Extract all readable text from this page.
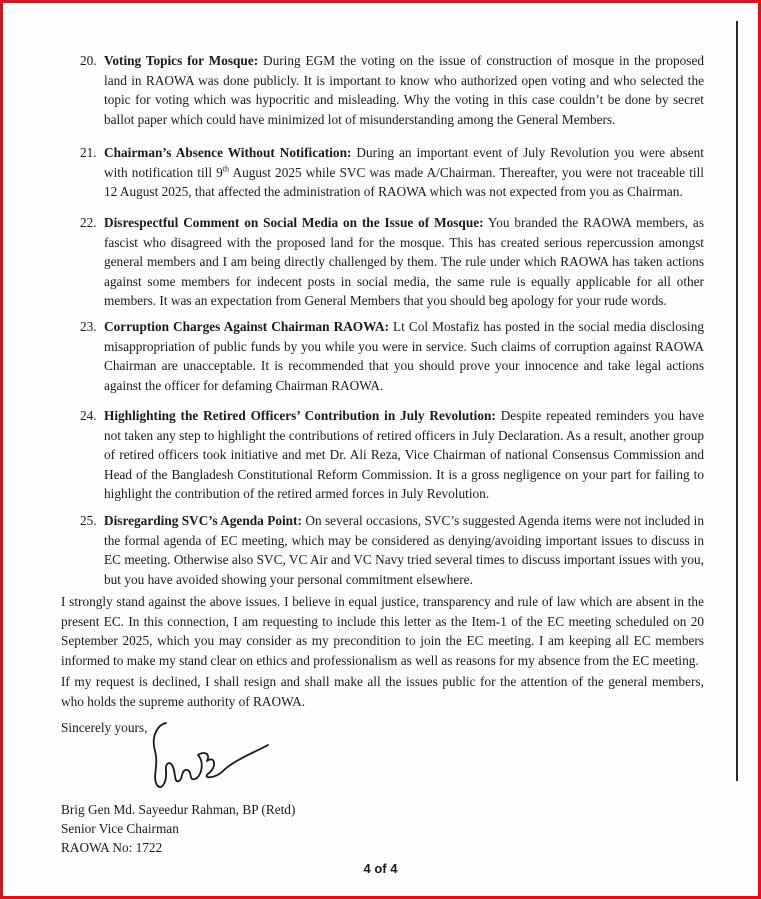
20. Voting Topics for Mosque: During EGM the voting on the issue of construction of mosque in the proposed land in RAOWA was done publicly. It is important to know who authorized open voting and who selected the topic for voting which was hypocritic and misleading. Why the voting in this case couldn’t be done by secret ballot paper which could have minimized lot of misunderstanding among the General Members.
21. Chairman’s Absence Without Notification: During an important event of July Revolution you were absent with notification till 9th August 2025 while SVC was made A/Chairman. Thereafter, you were not traceable till 12 August 2025, that affected the administration of RAOWA which was not expected from you as Chairman.
22. Disrespectful Comment on Social Media on the Issue of Mosque: You branded the RAOWA members, as fascist who disagreed with the proposed land for the mosque. This has created serious repercussion amongst general members and I am being directly challenged by them. The rule under which RAOWA has taken actions against some members for indecent posts in social media, the same rule is equally applicable for all other members. It was an expectation from General Members that you should beg apology for your rude words.
23. Corruption Charges Against Chairman RAOWA: Lt Col Mostafiz has posted in the social media disclosing misappropriation of public funds by you while you were in service. Such claims of corruption against RAOWA Chairman are unacceptable. It is recommended that you should prove your innocence and take legal actions against the officer for defaming Chairman RAOWA.
24. Highlighting the Retired Officers’ Contribution in July Revolution: Despite repeated reminders you have not taken any step to highlight the contributions of retired officers in July Declaration. As a result, another group of retired officers took initiative and met Dr. Ali Reza, Vice Chairman of national Consensus Commission and Head of the Bangladesh Constitutional Reform Commission. It is a gross negligence on your part for failing to highlight the contribution of the retired armed forces in July Revolution.
25. Disregarding SVC’s Agenda Point: On several occasions, SVC’s suggested Agenda items were not included in the formal agenda of EC meeting, which may be considered as denying/avoiding important issues to discuss in EC meeting. Otherwise also SVC, VC Air and VC Navy tried several times to discuss important issues with you, but you have avoided showing your personal commitment elsewhere.
I strongly stand against the above issues. I believe in equal justice, transparency and rule of law which are absent in the present EC. In this connection, I am requesting to include this letter as the Item-1 of the EC meeting scheduled on 20 September 2025, which you may consider as my precondition to join the EC meeting. I am keeping all EC members informed to make my stand clear on ethics and professionalism as well as reasons for my absence from the EC meeting.
If my request is declined, I shall resign and shall make all the issues public for the attention of the general members, who holds the supreme authority of RAOWA.
Sincerely yours,
Brig Gen Md. Sayeedur Rahman, BP (Retd)
Senior Vice Chairman
RAOWA No: 1722
4 of 4
